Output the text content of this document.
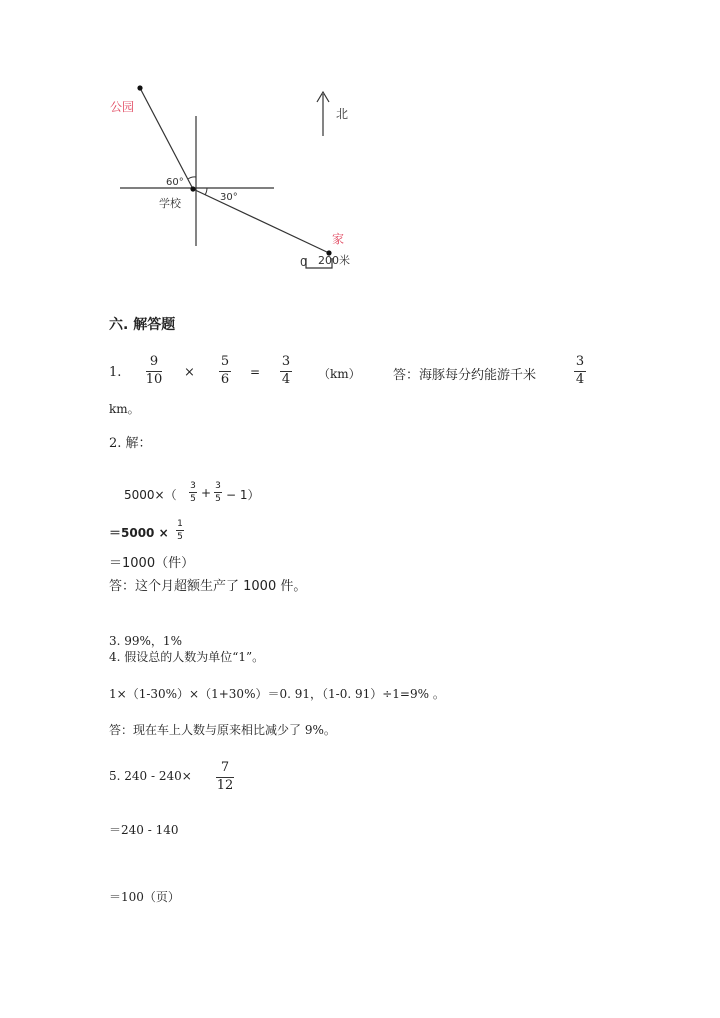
公园
60°
学校	30°
家
北
0 200米
六. 解答题
1.
9
10 ×
5
6 =
3
4 （km） 答：海豚每分约能游千米
3
4
km。
2. 解：
5000×（
3
5 + 3
5 − 1）
＝5000 ×
1
5
＝1000（件）
答：这个月超额生产了 1000 件。
3. 99%，1%
4. 假设总的人数为单位“1”。
1×（1-30%）×（1+30%）＝0. 91，（1-0. 91）÷1=9% 。
答：现在车上人数与原来相比减少了 9%。
5. 240 - 240×
7
12
＝240 - 140
＝100（页）
